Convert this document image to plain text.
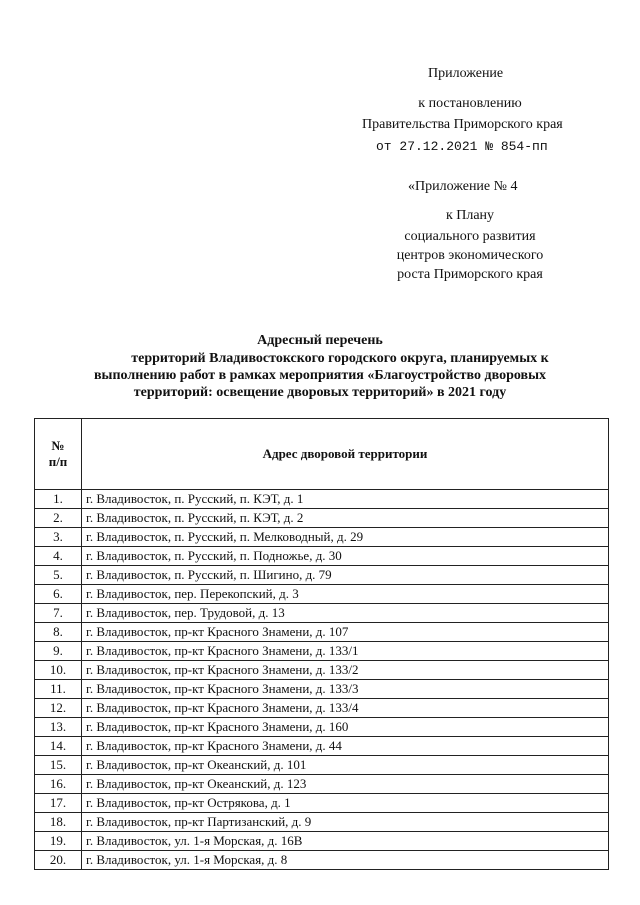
Приложение
к постановлению
Правительства Приморского края
от 27.12.2021 № 854-пп
«Приложение № 4
к Плану
социального развития
центров экономического
роста Приморского края
Адресный перечень
территорий Владивостокского городского округа, планируемых к
выполнению работ в рамках мероприятия «Благоустройство дворовых
территорий: освещение дворовых территорий» в 2021 году
№
п/п	Адрес дворовой территории
1.	г. Владивосток, п. Русский, п. КЭТ, д. 1
2.	г. Владивосток, п. Русский, п. КЭТ, д. 2
3.	г. Владивосток, п. Русский, п. Мелководный, д. 29
4.	г. Владивосток, п. Русский, п. Подножье, д. 30
5.	г. Владивосток, п. Русский, п. Шигино, д. 79
6.	г. Владивосток, пер. Перекопский, д. 3
7.	г. Владивосток, пер. Трудовой, д. 13
8.	г. Владивосток, пр-кт Красного Знамени, д. 107
9.	г. Владивосток, пр-кт Красного Знамени, д. 133/1
10.	г. Владивосток, пр-кт Красного Знамени, д. 133/2
11.	г. Владивосток, пр-кт Красного Знамени, д. 133/3
12.	г. Владивосток, пр-кт Красного Знамени, д. 133/4
13.	г. Владивосток, пр-кт Красного Знамени, д. 160
14.	г. Владивосток, пр-кт Красного Знамени, д. 44
15.	г. Владивосток, пр-кт Океанский, д. 101
16.	г. Владивосток, пр-кт Океанский, д. 123
17.	г. Владивосток, пр-кт Острякова, д. 1
18.	г. Владивосток, пр-кт Партизанский, д. 9
19.	г. Владивосток, ул. 1-я Морская, д. 16В
20.	г. Владивосток, ул. 1-я Морская, д. 8
